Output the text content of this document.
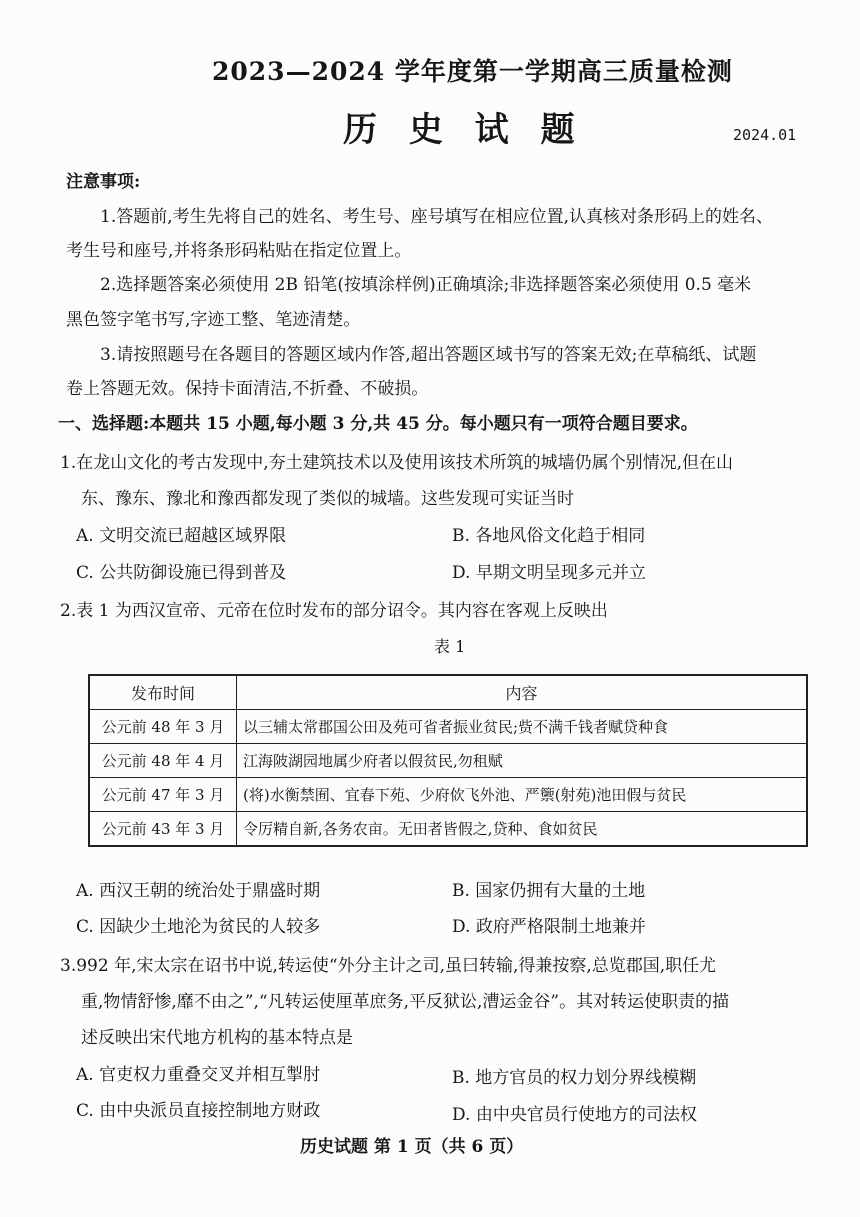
2023—2024 学年度第一学期高三质量检测
历 史 试 题	2024.01
注意事项:
1.答题前,考生先将自己的姓名、考生号、座号填写在相应位置,认真核对条形码上的姓名、
考生号和座号,并将条形码粘贴在指定位置上。
2.选择题答案必须使用 2B 铅笔(按填涂样例)正确填涂;非选择题答案必须使用 0.5 毫米
黑色签字笔书写,字迹工整、笔迹清楚。
3.请按照题号在各题目的答题区域内作答,超出答题区域书写的答案无效;在草稿纸、试题
卷上答题无效。保持卡面清洁,不折叠、不破损。
一、选择题:本题共 15 小题,每小题 3 分,共 45 分。每小题只有一项符合题目要求。
1.在龙山文化的考古发现中,夯土建筑技术以及使用该技术所筑的城墙仍属个别情况,但在山
东、豫东、豫北和豫西都发现了类似的城墙。这些发现可实证当时
A. 文明交流已超越区域界限	B. 各地风俗文化趋于相同
C. 公共防御设施已得到普及	D. 早期文明呈现多元并立
2.表 1 为西汉宣帝、元帝在位时发布的部分诏令。其内容在客观上反映出
表 1
发布时间	内容
公元前 48 年 3 月	以三辅太常郡国公田及苑可省者振业贫民;赀不满千钱者赋贷种食
公元前 48 年 4 月	江海陂湖园地属少府者以假贫民,勿租赋
公元前 47 年 3 月	(将)水衡禁囿、宜春下苑、少府佽飞外池、严籞(射苑)池田假与贫民
公元前 43 年 3 月	令厉精自新,各务农亩。无田者皆假之,贷种、食如贫民
A. 西汉王朝的统治处于鼎盛时期	B. 国家仍拥有大量的土地
C. 因缺少土地沦为贫民的人较多	D. 政府严格限制土地兼并
3.992 年,宋太宗在诏书中说,转运使“外分主计之司,虽曰转输,得兼按察,总览郡国,职任尤
重,物情舒惨,靡不由之”,“凡转运使厘革庶务,平反狱讼,漕运金谷”。其对转运使职责的描
述反映出宋代地方机构的基本特点是
A. 官吏权力重叠交叉并相互掣肘	B. 地方官员的权力划分界线模糊
C. 由中央派员直接控制地方财政	D. 由中央官员行使地方的司法权
历史试题 第 1 页（共 6 页）
